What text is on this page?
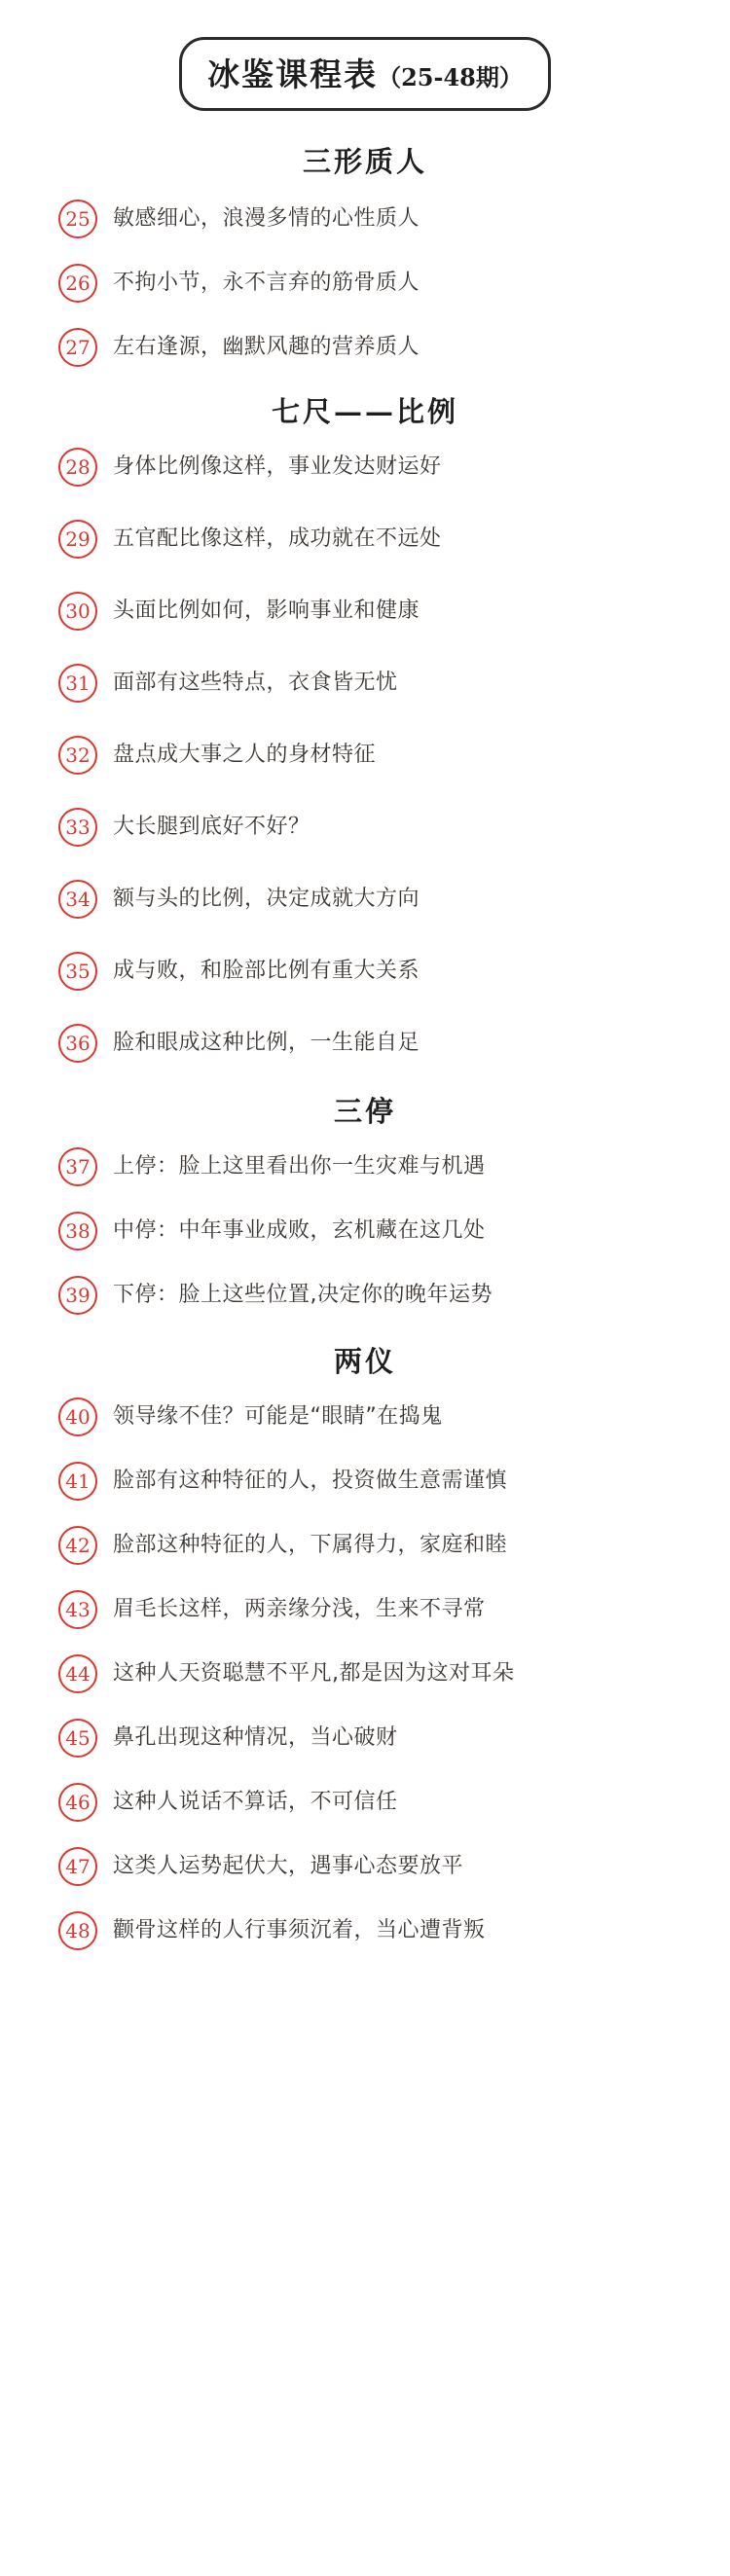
冰鉴课程表 （25-48期）
三形质人
25	敏感细心，浪漫多情的心性质人
26	不拘小节，永不言弃的筋骨质人
27	左右逢源，幽默风趣的营养质人
七尺——比例
28	身体比例像这样，事业发达财运好
29	五官配比像这样，成功就在不远处
30	头面比例如何，影响事业和健康
31	面部有这些特点，衣食皆无忧
32	盘点成大事之人的身材特征
33	大长腿到底好不好？
34	额与头的比例，决定成就大方向
35	成与败，和脸部比例有重大关系
36	脸和眼成这种比例，一生能自足
三停
37	上停：脸上这里看出你一生灾难与机遇
38	中停：中年事业成败，玄机藏在这几处
39	下停：脸上这些位置,决定你的晚年运势
两仪
40	领导缘不佳？可能是“眼睛”在捣鬼
41	脸部有这种特征的人，投资做生意需谨慎
42	脸部这种特征的人，下属得力，家庭和睦
43	眉毛长这样，两亲缘分浅，生来不寻常
44	这种人天资聪慧不平凡,都是因为这对耳朵
45	鼻孔出现这种情况，当心破财
46	这种人说话不算话，不可信任
47	这类人运势起伏大，遇事心态要放平
48	颧骨这样的人行事须沉着，当心遭背叛
